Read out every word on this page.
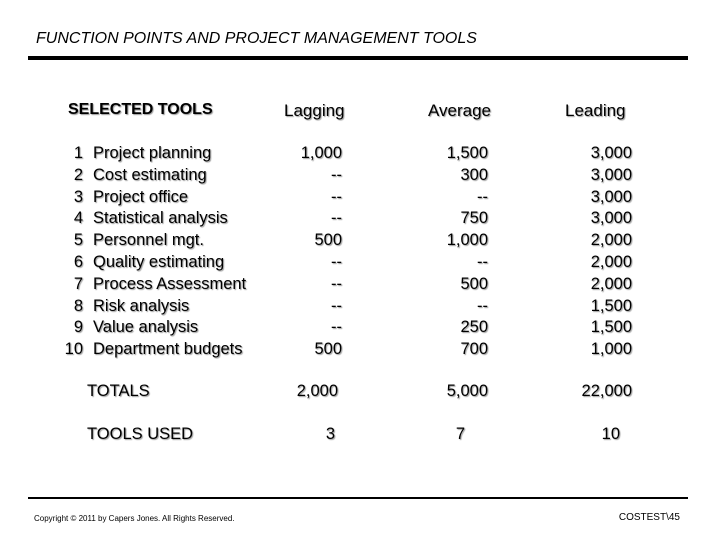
FUNCTION POINTS AND PROJECT MANAGEMENT TOOLS
SELECTED TOOLS	Lagging	Average	Leading
1 Project planning	1,000	1,500	3,000
2 Cost estimating	--	300	3,000
3 Project office	--	--	3,000
4 Statistical analysis	--	750	3,000
5 Personnel mgt.	500	1,000	2,000
6 Quality estimating	--	--	2,000
7 Process Assessment	--	500	2,000
8 Risk analysis	--	--	1,500
9 Value analysis	--	250	1,500
10 Department budgets	500	700	1,000
TOTALS	2,000	5,000	22,000
TOOLS USED	3	7	10
Copyright © 2011 by Capers Jones. All Rights Reserved.	COSTEST\45
